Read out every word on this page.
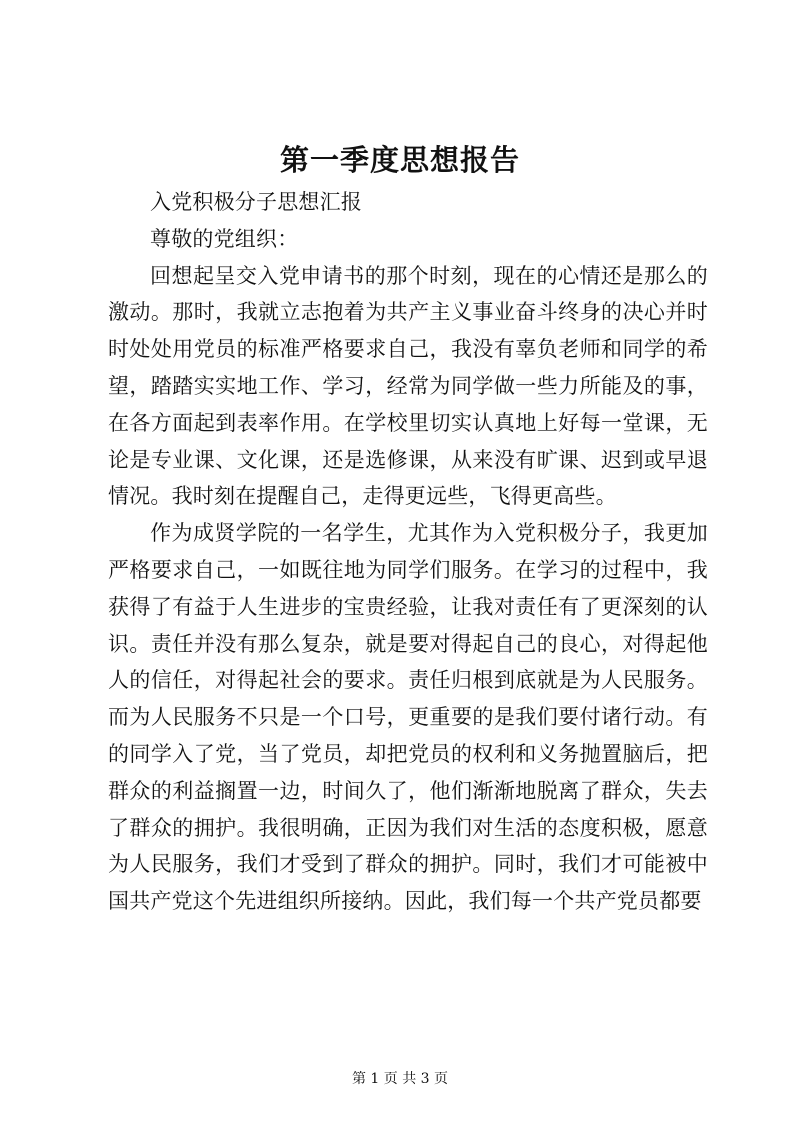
第一季度思想报告

入党积极分子思想汇报

尊敬的党组织：

回想起呈交入党申请书的那个时刻，现在的心情还是那么的激动。那时，我就立志抱着为共产主义事业奋斗终身的决心并时时处处用党员的标准严格要求自己，我没有辜负老师和同学的希望，踏踏实实地工作、学习，经常为同学做一些力所能及的事，在各方面起到表率作用。在学校里切实认真地上好每一堂课，无论是专业课、文化课，还是选修课，从来没有旷课、迟到或早退情况。我时刻在提醒自己，走得更远些，飞得更高些。

作为成贤学院的一名学生，尤其作为入党积极分子，我更加严格要求自己，一如既往地为同学们服务。在学习的过程中，我获得了有益于人生进步的宝贵经验，让我对责任有了更深刻的认识。责任并没有那么复杂，就是要对得起自己的良心，对得起他人的信任，对得起社会的要求。责任归根到底就是为人民服务。而为人民服务不只是一个口号，更重要的是我们要付诸行动。有的同学入了党，当了党员，却把党员的权利和义务抛置脑后，把群众的利益搁置一边，时间久了，他们渐渐地脱离了群众，失去了群众的拥护。我很明确，正因为我们对生活的态度积极，愿意为人民服务，我们才受到了群众的拥护。同时，我们才可能被中国共产党这个先进组织所接纳。因此，我们每一个共产党员都要

第 1 页 共 3 页
